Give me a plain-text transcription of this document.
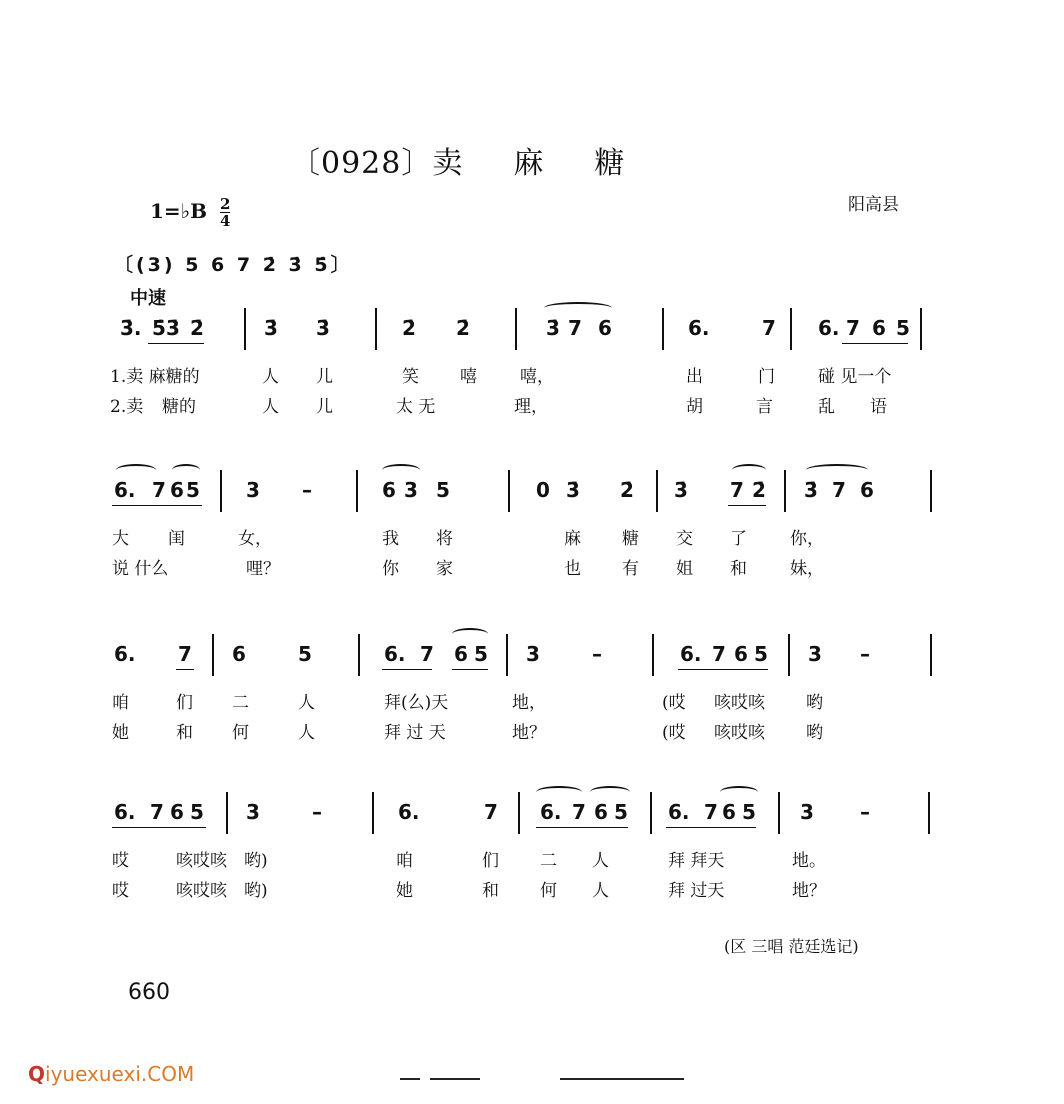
〔0928〕卖 麻 糖
1=♭B $\frac{2}{4}$	阳高县
〔(3) 5 6 7 2̇ 3̇ 5̇〕
中速
3̇. 5̇ 3̇ 2̇	3̇ 3̇	2̇ 2̇	3̇ 7 6	6.	7 6. 7 6 5
1.卖 麻糖的	人 儿	笑 嘻	嘻，	出	门	碰 见一个
2.卖 糖的	人 儿	太 无	理，	胡	言	乱 语
6. 7 6 5 3 –	6 3 5	0 3̇ 2̇ 3̇ 7 2̇ 3̇ 7 6
大 闺	女，	我 将	麻 糖 交 了	你，
说 什么	哩？	你 家	也 有 姐 和	妹，
6. 7 6	5	6. 7 6 5 3	–	6. 7 6 5 3 –
咱	们 二	人	拜(么)天	地，	(哎 咳哎咳 哟
她	和 何	人	拜 过 天	地？	(哎 咳哎咳 哟
6. 7 6 5 3	–	6.	7 6. 7 6 5 6. 7 6 5 3 –
哎	咳哎咳 哟)	咱	们 二 人	拜 拜天	地。
哎	咳哎咳 哟)	她	和 何 人	拜 过天	地？
(区 三唱 范廷选记)
660
Qiyuexuexi.COM
